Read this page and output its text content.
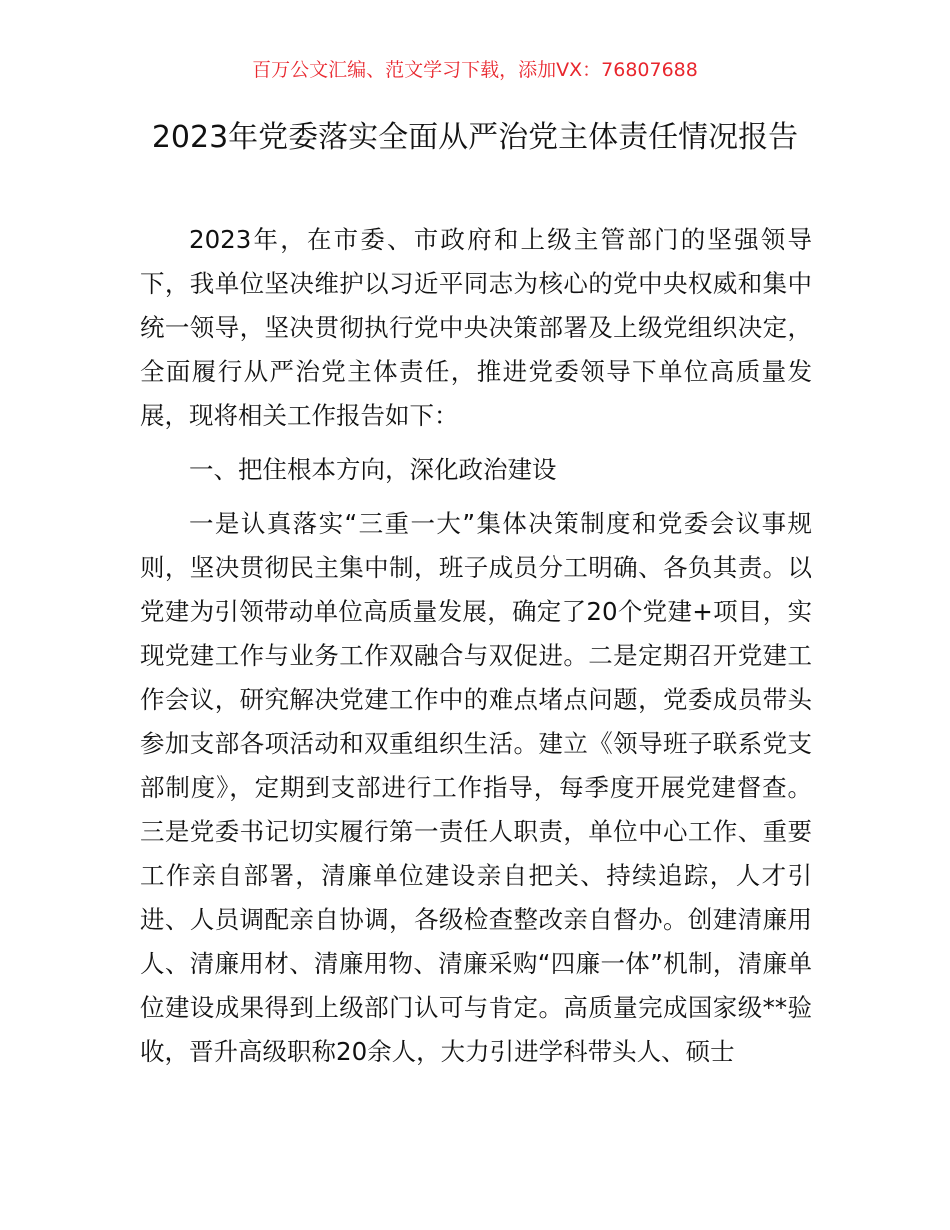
百万公文汇编、范文学习下载，添加VX：76807688
2023年党委落实全面从严治党主体责任情况报告

2023年，在市委、市政府和上级主管部门的坚强领导下，我单位坚决维护以习近平同志为核心的党中央权威和集中统一领导，坚决贯彻执行党中央决策部署及上级党组织决定，全面履行从严治党主体责任，推进党委领导下单位高质量发展，现将相关工作报告如下：

一、把住根本方向，深化政治建设

一是认真落实“三重一大”集体决策制度和党委会议事规则，坚决贯彻民主集中制，班子成员分工明确、各负其责。以党建为引领带动单位高质量发展，确定了20个党建+项目，实现党建工作与业务工作双融合与双促进。二是定期召开党建工作会议，研究解决党建工作中的难点堵点问题，党委成员带头参加支部各项活动和双重组织生活。建立《领导班子联系党支部制度》，定期到支部进行工作指导，每季度开展党建督查。三是党委书记切实履行第一责任人职责，单位中心工作、重要工作亲自部署，清廉单位建设亲自把关、持续追踪，人才引进、人员调配亲自协调，各级检查整改亲自督办。创建清廉用人、清廉用材、清廉用物、清廉采购“四廉一体”机制，清廉单位建设成果得到上级部门认可与肯定。高质量完成国家级**验收，晋升高级职称20余人，大力引进学科带头人、硕士
